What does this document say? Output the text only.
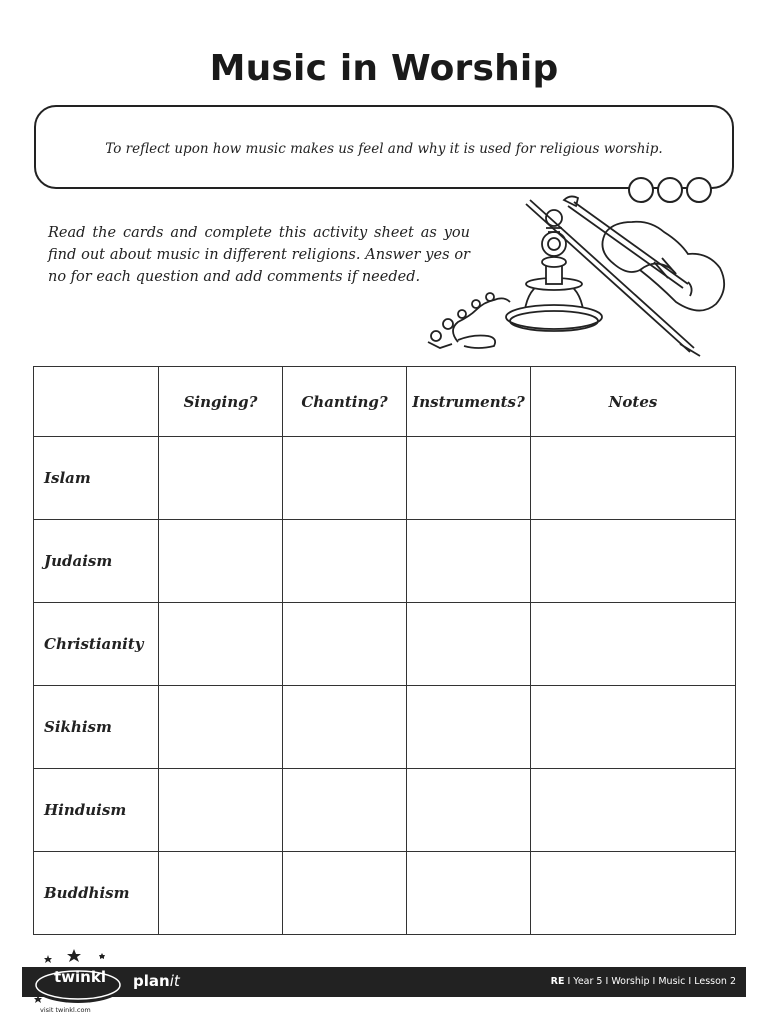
Music in Worship
To reflect upon how music makes us feel and why it is used for religious worship.
Read the cards and complete this activity sheet as you find out about music in different religions. Answer yes or no for each question and add comments if needed.
	Singing?	Chanting?	Instruments?	Notes
Islam				
Judaism				
Christianity				
Sikhism				
Hinduism				
Buddhism				
RE I Year 5 I Worship I Music I Lesson 2
twinkl	planit
visit twinkl.com
